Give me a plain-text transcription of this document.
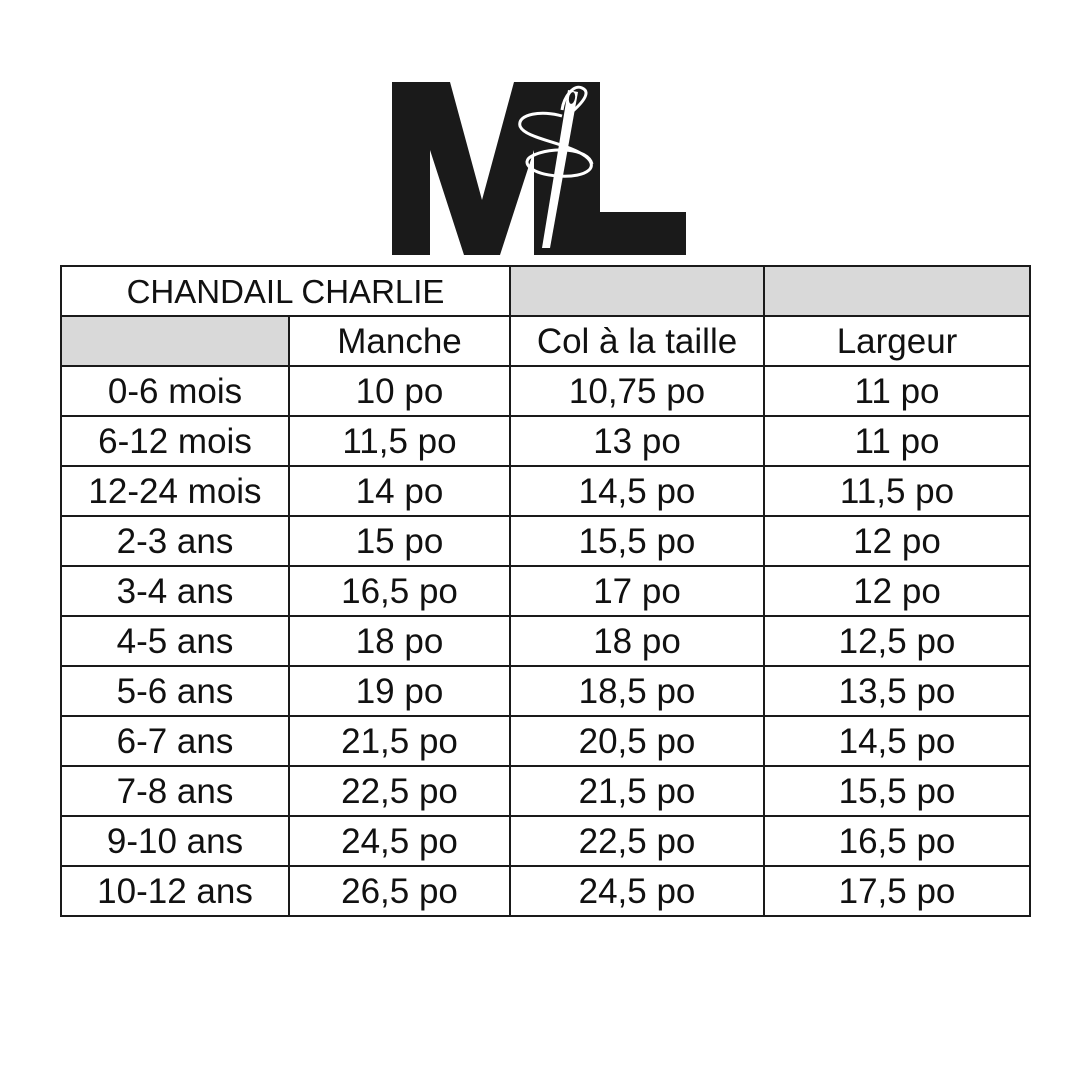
CHANDAIL CHARLIE			
	Manche	Col à la taille	Largeur
0-6 mois	10 po	10,75 po	11 po
6-12 mois	11,5 po	13 po	11 po
12-24 mois	14 po	14,5 po	11,5 po
2-3 ans	15 po	15,5 po	12 po
3-4 ans	16,5 po	17 po	12 po
4-5 ans	18 po	18 po	12,5 po
5-6 ans	19 po	18,5 po	13,5 po
6-7 ans	21,5 po	20,5 po	14,5 po
7-8 ans	22,5 po	21,5 po	15,5 po
9-10 ans	24,5 po	22,5 po	16,5 po
10-12 ans	26,5 po	24,5 po	17,5 po
